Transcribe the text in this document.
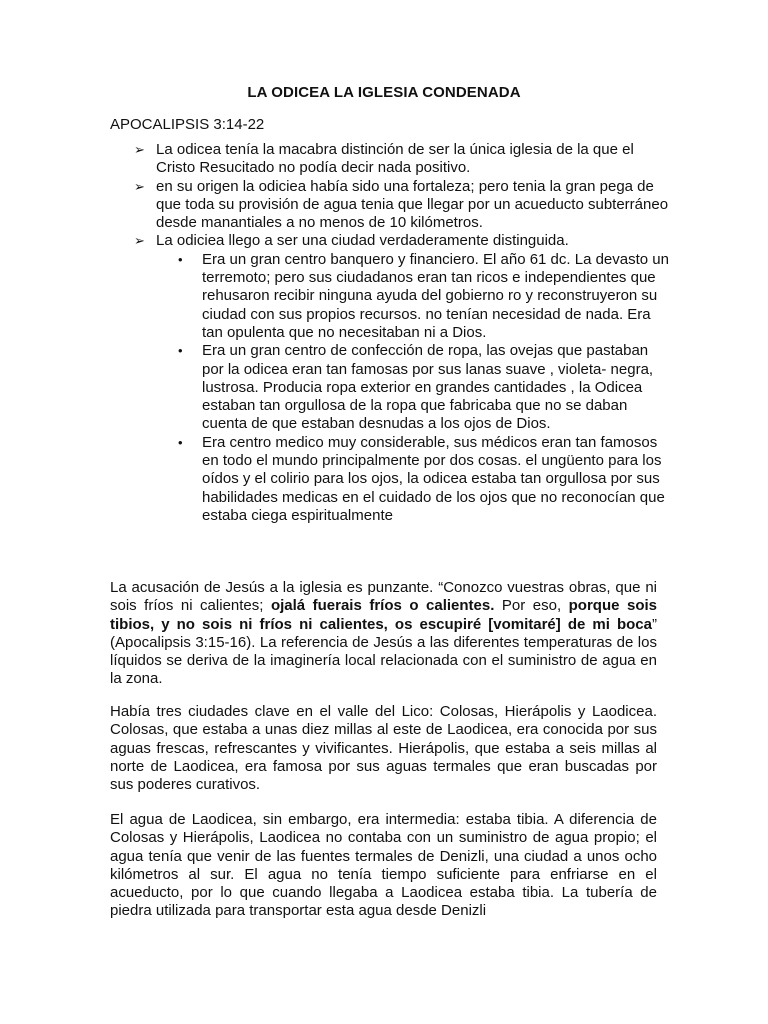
LA ODICEA LA IGLESIA CONDENADA
APOCALIPSIS 3:14-22
➢ La odicea tenía la macabra distinción de ser la única iglesia de la que el Cristo Resucitado no podía decir nada positivo.
➢ en su origen la odiciea había sido una fortaleza; pero tenia la gran pega de que toda su provisión de agua tenia que llegar por un acueducto subterráneo desde manantiales a no menos de 10 kilómetros.
➢ La odiciea llego a ser una ciudad verdaderamente distinguida.
• Era un gran centro banquero y financiero. El año 61 dc. La devasto un terremoto; pero sus ciudadanos eran tan ricos e independientes que rehusaron recibir ninguna ayuda del gobierno ro y reconstruyeron su ciudad con sus propios recursos. no tenían necesidad de nada. Era tan opulenta que no necesitaban ni a Dios.
• Era un gran centro de confección de ropa, las ovejas que pastaban por la odicea eran tan famosas por sus lanas suave , violeta- negra, lustrosa. Producia ropa exterior en grandes cantidades , la Odicea estaban tan orgullosa de la ropa que fabricaba que no se daban cuenta de que estaban desnudas a los ojos de Dios.
• Era centro medico muy considerable, sus médicos eran tan famosos en todo el mundo principalmente por dos cosas. el ungüento para los oídos y el colirio para los ojos, la odicea estaba tan orgullosa por sus habilidades medicas en el cuidado de los ojos que no reconocían que estaba ciega espiritualmente

La acusación de Jesús a la iglesia es punzante. “Conozco vuestras obras, que ni sois fríos ni calientes; ojalá fuerais fríos o calientes. Por eso, porque sois tibios, y no sois ni fríos ni calientes, os escupiré [vomitaré] de mi boca” (Apocalipsis 3:15-16). La referencia de Jesús a las diferentes temperaturas de los líquidos se deriva de la imaginería local relacionada con el suministro de agua en la zona.

Había tres ciudades clave en el valle del Lico: Colosas, Hierápolis y Laodicea. Colosas, que estaba a unas diez millas al este de Laodicea, era conocida por sus aguas frescas, refrescantes y vivificantes. Hierápolis, que estaba a seis millas al norte de Laodicea, era famosa por sus aguas termales que eran buscadas por sus poderes curativos.

El agua de Laodicea, sin embargo, era intermedia: estaba tibia. A diferencia de Colosas y Hierápolis, Laodicea no contaba con un suministro de agua propio; el agua tenía que venir de las fuentes termales de Denizli, una ciudad a unos ocho kilómetros al sur. El agua no tenía tiempo suficiente para enfriarse en el acueducto, por lo que cuando llegaba a Laodicea estaba tibia. La tubería de piedra utilizada para transportar esta agua desde Denizli
